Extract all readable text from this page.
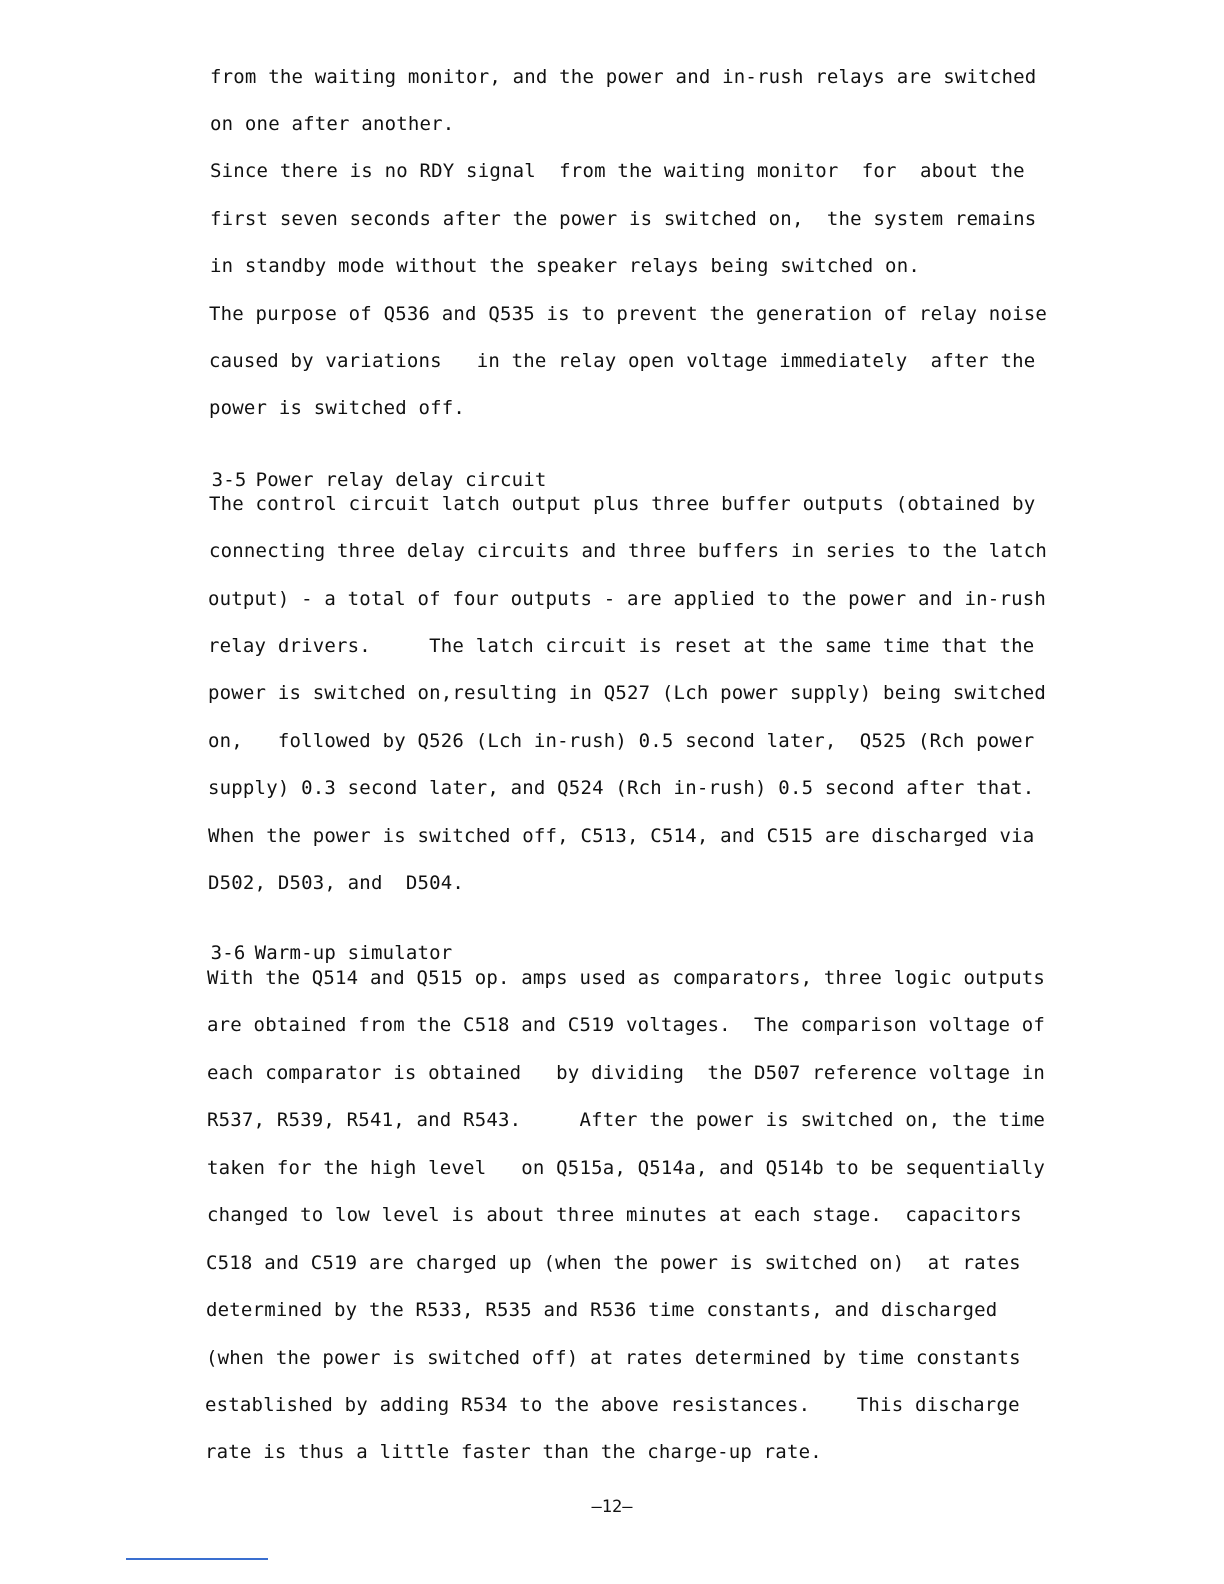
from the waiting monitor, and the power and in-rush relays are switched
on one after another.
Since there is no RDY signal  from the waiting monitor  for  about the
first seven seconds after the power is switched on,  the system remains
in standby mode without the speaker relays being switched on.
The purpose of Q536 and Q535 is to prevent the generation of relay noise
caused by variations   in the relay open voltage immediately  after the
power is switched off.

3-5 Power relay delay circuit

The control circuit latch output plus three buffer outputs (obtained by
connecting three delay circuits and three buffers in series to the latch
output) - a total of four outputs - are applied to the power and in-rush
relay drivers.     The latch circuit is reset at the same time that the
power is switched on,resulting in Q527 (Lch power supply) being switched
on,   followed by Q526 (Lch in-rush) 0.5 second later,  Q525 (Rch power
supply) 0.3 second later, and Q524 (Rch in-rush) 0.5 second after that.
When the power is switched off, C513, C514, and C515 are discharged via
D502, D503, and  D504.

3-6 Warm-up simulator

With the Q514 and Q515 op. amps used as comparators, three logic outputs
are obtained from the C518 and C519 voltages.  The comparison voltage of
each comparator is obtained   by dividing  the D507 reference voltage in
R537, R539, R541, and R543.     After the power is switched on, the time
taken for the high level   on Q515a, Q514a, and Q514b to be sequentially
changed to low level is about three minutes at each stage.  capacitors
C518 and C519 are charged up (when the power is switched on)  at rates
determined by the R533, R535 and R536 time constants, and discharged
(when the power is switched off) at rates determined by time constants
established by adding R534 to the above resistances.    This discharge
rate is thus a little faster than the charge-up rate.
—12—
